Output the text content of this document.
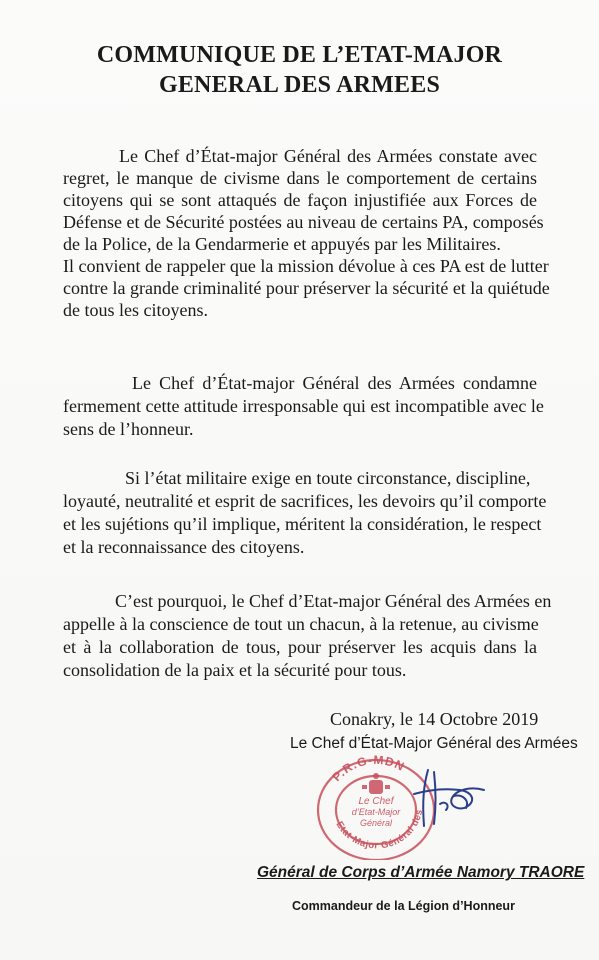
COMMUNIQUE DE L’ETAT-MAJOR
GENERAL DES ARMEES
Le Chef d’État-major Général des Armées constate avec
regret, le manque de civisme dans le comportement de certains
citoyens qui se sont attaqués de façon injustifiée aux Forces de
Défense et de Sécurité postées au niveau de certains PA, composés
de la Police, de la Gendarmerie et appuyés par les Militaires.
Il convient de rappeler que la mission dévolue à ces PA est de lutter
contre la grande criminalité pour préserver la sécurité et la quiétude
de tous les citoyens.
Le Chef d’État-major Général des Armées condamne
fermement cette attitude irresponsable qui est incompatible avec le
sens de l’honneur.
Si l’état militaire exige en toute circonstance, discipline,
loyauté, neutralité et esprit de sacrifices, les devoirs qu’il comporte
et les sujétions qu’il implique, méritent la considération, le respect
et la reconnaissance des citoyens.
C’est pourquoi, le Chef d’Etat-major Général des Armées en
appelle à la conscience de tout un chacun, à la retenue, au civisme
et à la collaboration de tous, pour préserver les acquis dans la
consolidation de la paix et la sécurité pour tous.
Conakry, le 14 Octobre 2019
Le Chef d’État-Major Général des Armées
P.R.G-MDN
Etat-Major Général des
Le Chef
d’Etat-Major
Général
Général de Corps d’Armée Namory TRAORE
Commandeur de la Légion d’Honneur
